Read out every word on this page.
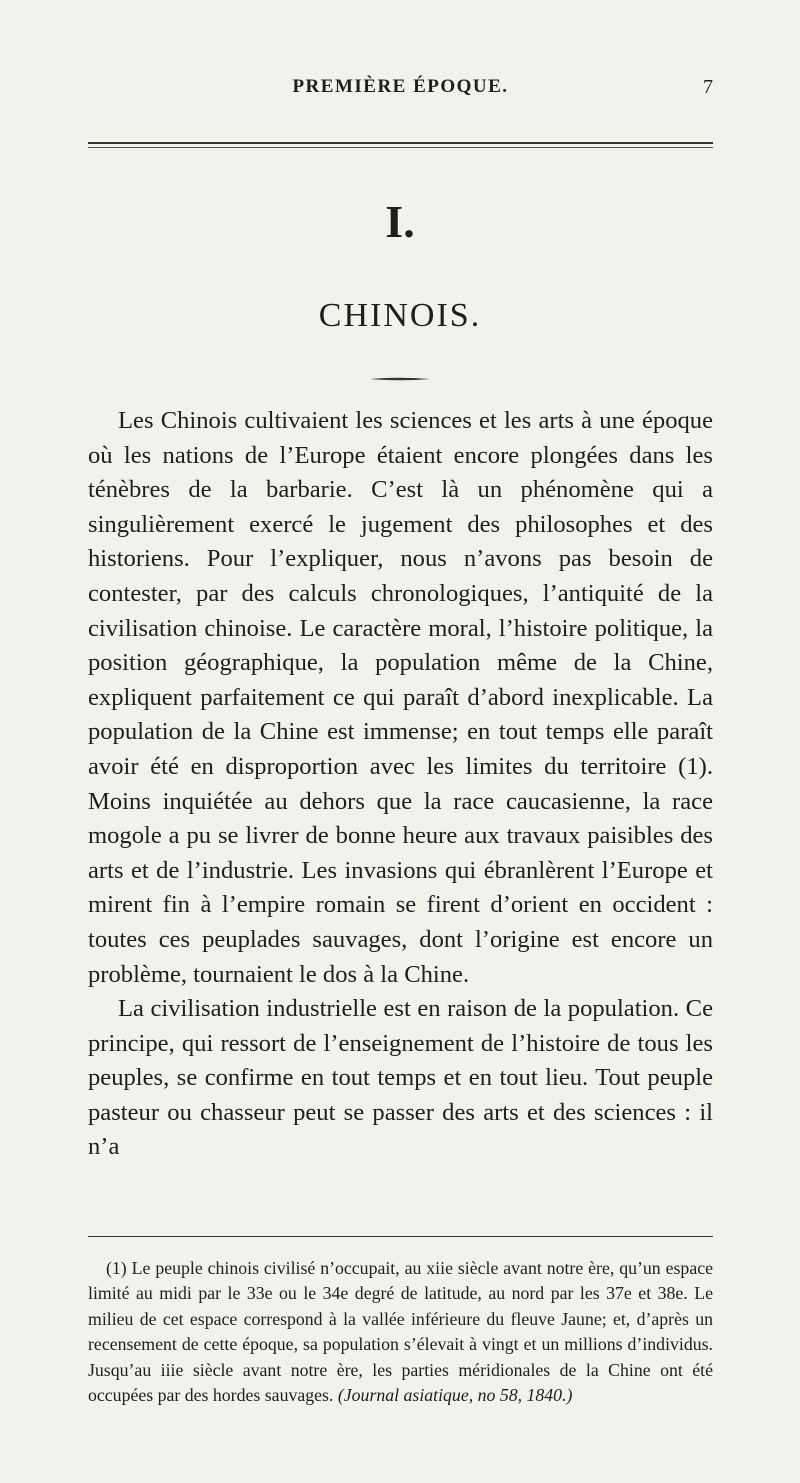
PREMIÈRE ÉPOQUE.	7
I.
CHINOIS.

Les Chinois cultivaient les sciences et les arts à une époque où les nations de l’Europe étaient encore plongées dans les ténèbres de la barbarie. C’est là un phénomène qui a singulièrement exercé le jugement des philosophes et des historiens. Pour l’expliquer, nous n’avons pas besoin de contester, par des calculs chronologiques, l’antiquité de la civilisation chinoise. Le caractère moral, l’histoire politique, la position géographique, la population même de la Chine, expliquent parfaitement ce qui paraît d’abord inexplicable. La population de la Chine est immense; en tout temps elle paraît avoir été en disproportion avec les limites du territoire (1). Moins inquiétée au dehors que la race caucasienne, la race mogole a pu se livrer de bonne heure aux travaux paisibles des arts et de l’industrie. Les invasions qui ébranlèrent l’Europe et mirent fin à l’empire romain se firent d’orient en occident : toutes ces peuplades sauvages, dont l’origine est encore un problème, tournaient le dos à la Chine.

La civilisation industrielle est en raison de la population. Ce principe, qui ressort de l’enseignement de l’histoire de tous les peuples, se confirme en tout temps et en tout lieu. Tout peuple pasteur ou chasseur peut se passer des arts et des sciences : il n’a

(1) Le peuple chinois civilisé n’occupait, au xiie siècle avant notre ère, qu’un espace limité au midi par le 33e ou le 34e degré de latitude, au nord par les 37e et 38e. Le milieu de cet espace correspond à la vallée inférieure du fleuve Jaune; et, d’après un recensement de cette époque, sa population s’élevait à vingt et un millions d’individus. Jusqu’au iiie siècle avant notre ère, les parties méridionales de la Chine ont été occupées par des hordes sauvages. (Journal asiatique, no 58, 1840.)
